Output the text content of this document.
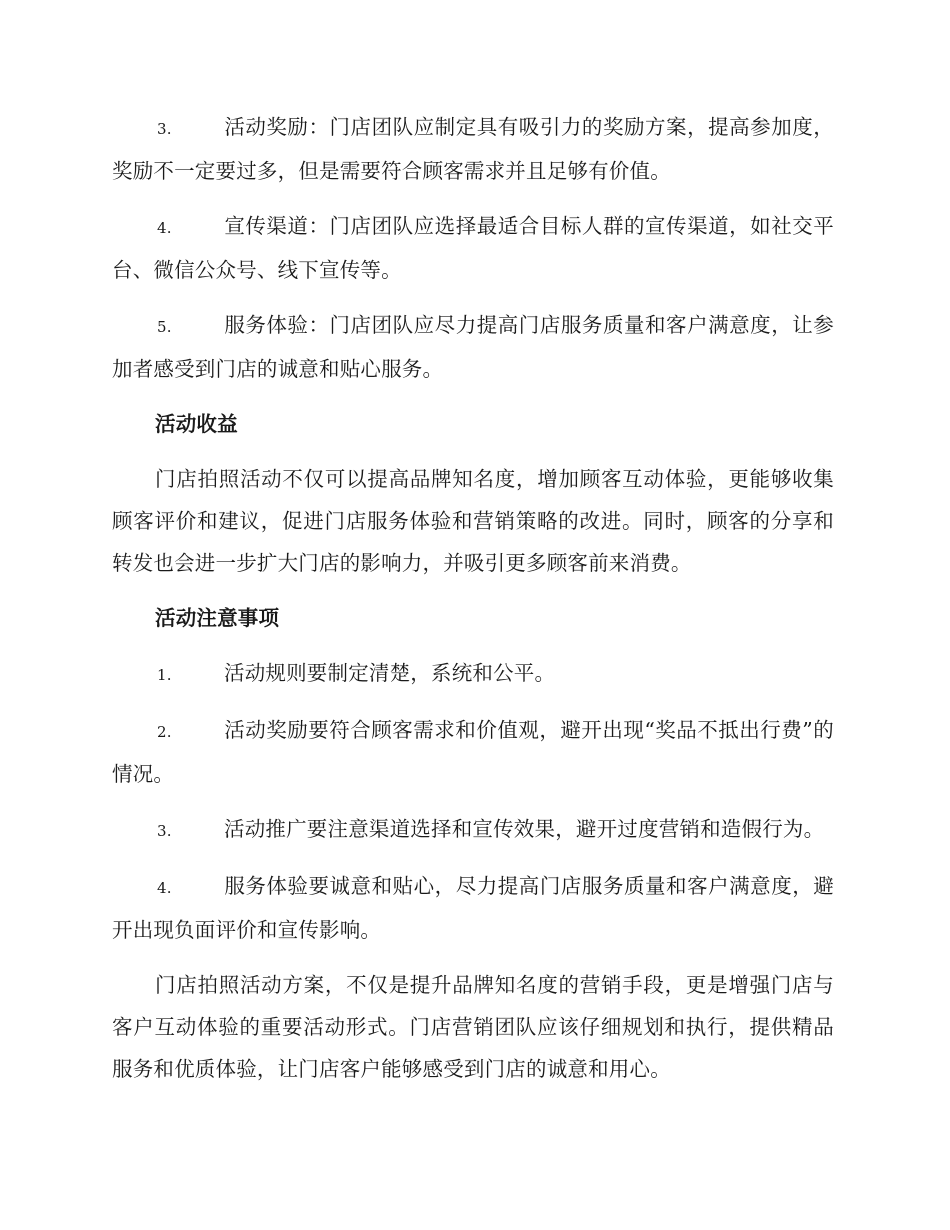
3.	活动奖励：门店团队应制定具有吸引力的奖励方案，提高参加度，奖励不一定要过多，但是需要符合顾客需求并且足够有价值。

4.	宣传渠道：门店团队应选择最适合目标人群的宣传渠道，如社交平台、微信公众号、线下宣传等。

5.	服务体验：门店团队应尽力提高门店服务质量和客户满意度，让参加者感受到门店的诚意和贴心服务。

活动收益

门店拍照活动不仅可以提高品牌知名度，增加顾客互动体验，更能够收集顾客评价和建议，促进门店服务体验和营销策略的改进。同时，顾客的分享和转发也会进一步扩大门店的影响力，并吸引更多顾客前来消费。

活动注意事项

1.	活动规则要制定清楚，系统和公平。

2.	活动奖励要符合顾客需求和价值观，避开出现“奖品不抵出行费”的情况。

3.	活动推广要注意渠道选择和宣传效果，避开过度营销和造假行为。

4.	服务体验要诚意和贴心，尽力提高门店服务质量和客户满意度，避开出现负面评价和宣传影响。

门店拍照活动方案，不仅是提升品牌知名度的营销手段，更是增强门店与客户互动体验的重要活动形式。门店营销团队应该仔细规划和执行，提供精品服务和优质体验，让门店客户能够感受到门店的诚意和用心。
